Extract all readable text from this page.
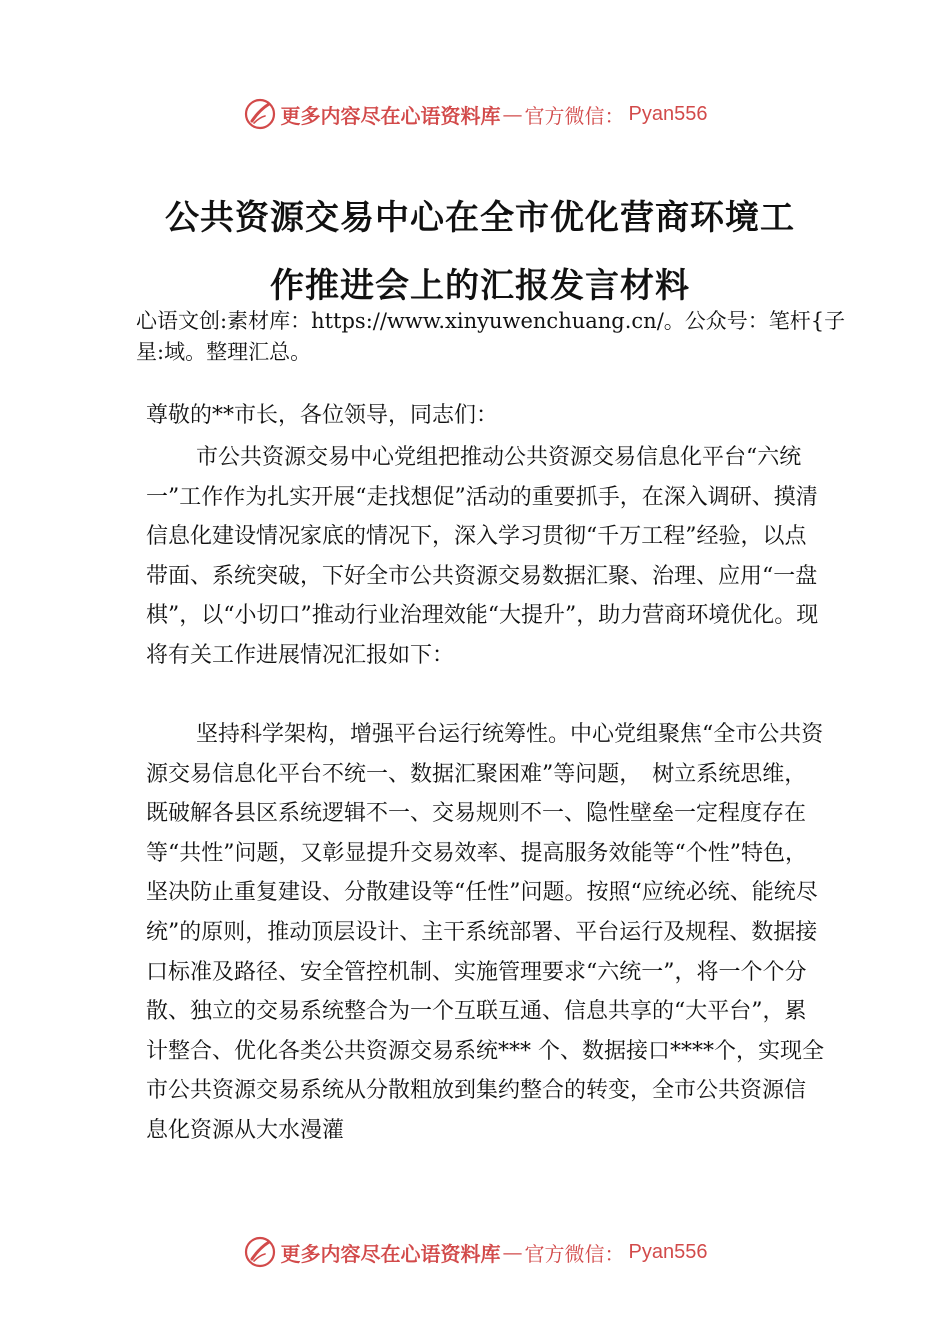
更多内容尽在心语资料库 — 官方微信： Pyan556
公共资源交易中心在全市优化营商环境工
作推进会上的汇报发言材料
心语文创:素材库：https://www.xinyuwenchuang.cn/。公众号：笔杆{子星:域。整理汇总。
尊敬的**市长，各位领导，同志们：
市公共资源交易中心党组把推动公共资源交易信息化平台“六统一”工作作为扎实开展“走找想促”活动的重要抓手，在深入调研、摸清信息化建设情况家底的情况下，深入学习贯彻“千万工程”经验，以点带面、系统突破，下好全市公共资源交易数据汇聚、治理、应用“一盘棋”，以“小切口”推动行业治理效能“大提升”，助力营商环境优化。现将有关工作进展情况汇报如下：
坚持科学架构，增强平台运行统筹性。中心党组聚焦“全市公共资源交易信息化平台不统一、数据汇聚困难”等问题，　树立系统思维，既破解各县区系统逻辑不一、交易规则不一、隐性壁垒一定程度存在等“共性”问题，又彰显提升交易效率、提高服务效能等“个性”特色，坚决防止重复建设、分散建设等“任性”问题。按照“应统必统、能统尽统”的原则，推动顶层设计、主干系统部署、平台运行及规程、数据接口标准及路径、安全管控机制、实施管理要求“六统一”，将一个个分散、独立的交易系统整合为一个互联互通、信息共享的“大平台”，累计整合、优化各类公共资源交易系统*** 个、数据接口****个，实现全市公共资源交易系统从分散粗放到集约整合的转变，全市公共资源信息化资源从大水漫灌
更多内容尽在心语资料库 — 官方微信： Pyan556
